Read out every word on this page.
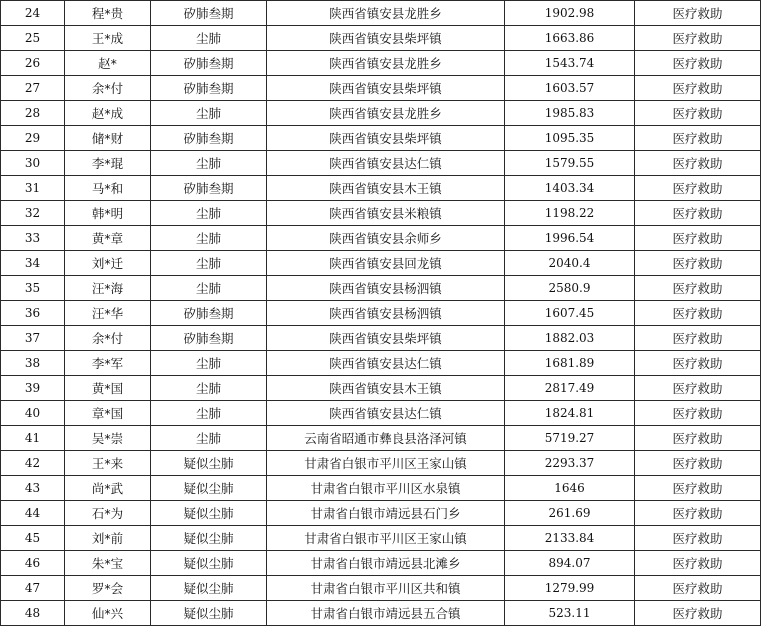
24	程*贵	矽肺叁期	陕西省镇安县龙胜乡	1902.98	医疗救助
25	王*成	尘肺	陕西省镇安县柴坪镇	1663.86	医疗救助
26	赵*	矽肺叁期	陕西省镇安县龙胜乡	1543.74	医疗救助
27	余*付	矽肺叁期	陕西省镇安县柴坪镇	1603.57	医疗救助
28	赵*成	尘肺	陕西省镇安县龙胜乡	1985.83	医疗救助
29	储*财	矽肺叁期	陕西省镇安县柴坪镇	1095.35	医疗救助
30	李*琨	尘肺	陕西省镇安县达仁镇	1579.55	医疗救助
31	马*和	矽肺叁期	陕西省镇安县木王镇	1403.34	医疗救助
32	韩*明	尘肺	陕西省镇安县米粮镇	1198.22	医疗救助
33	黄*章	尘肺	陕西省镇安县余师乡	1996.54	医疗救助
34	刘*迁	尘肺	陕西省镇安县回龙镇	2040.4	医疗救助
35	汪*海	尘肺	陕西省镇安县杨泗镇	2580.9	医疗救助
36	汪*华	矽肺叁期	陕西省镇安县杨泗镇	1607.45	医疗救助
37	余*付	矽肺叁期	陕西省镇安县柴坪镇	1882.03	医疗救助
38	李*军	尘肺	陕西省镇安县达仁镇	1681.89	医疗救助
39	黄*国	尘肺	陕西省镇安县木王镇	2817.49	医疗救助
40	章*国	尘肺	陕西省镇安县达仁镇	1824.81	医疗救助
41	吴*崇	尘肺	云南省昭通市彝良县洛泽河镇	5719.27	医疗救助
42	王*来	疑似尘肺	甘肃省白银市平川区王家山镇	2293.37	医疗救助
43	尚*武	疑似尘肺	甘肃省白银市平川区水泉镇	1646	医疗救助
44	石*为	疑似尘肺	甘肃省白银市靖远县石门乡	261.69	医疗救助
45	刘*前	疑似尘肺	甘肃省白银市平川区王家山镇	2133.84	医疗救助
46	朱*宝	疑似尘肺	甘肃省白银市靖远县北滩乡	894.07	医疗救助
47	罗*会	疑似尘肺	甘肃省白银市平川区共和镇	1279.99	医疗救助
48	仙*兴	疑似尘肺	甘肃省白银市靖远县五合镇	523.11	医疗救助
